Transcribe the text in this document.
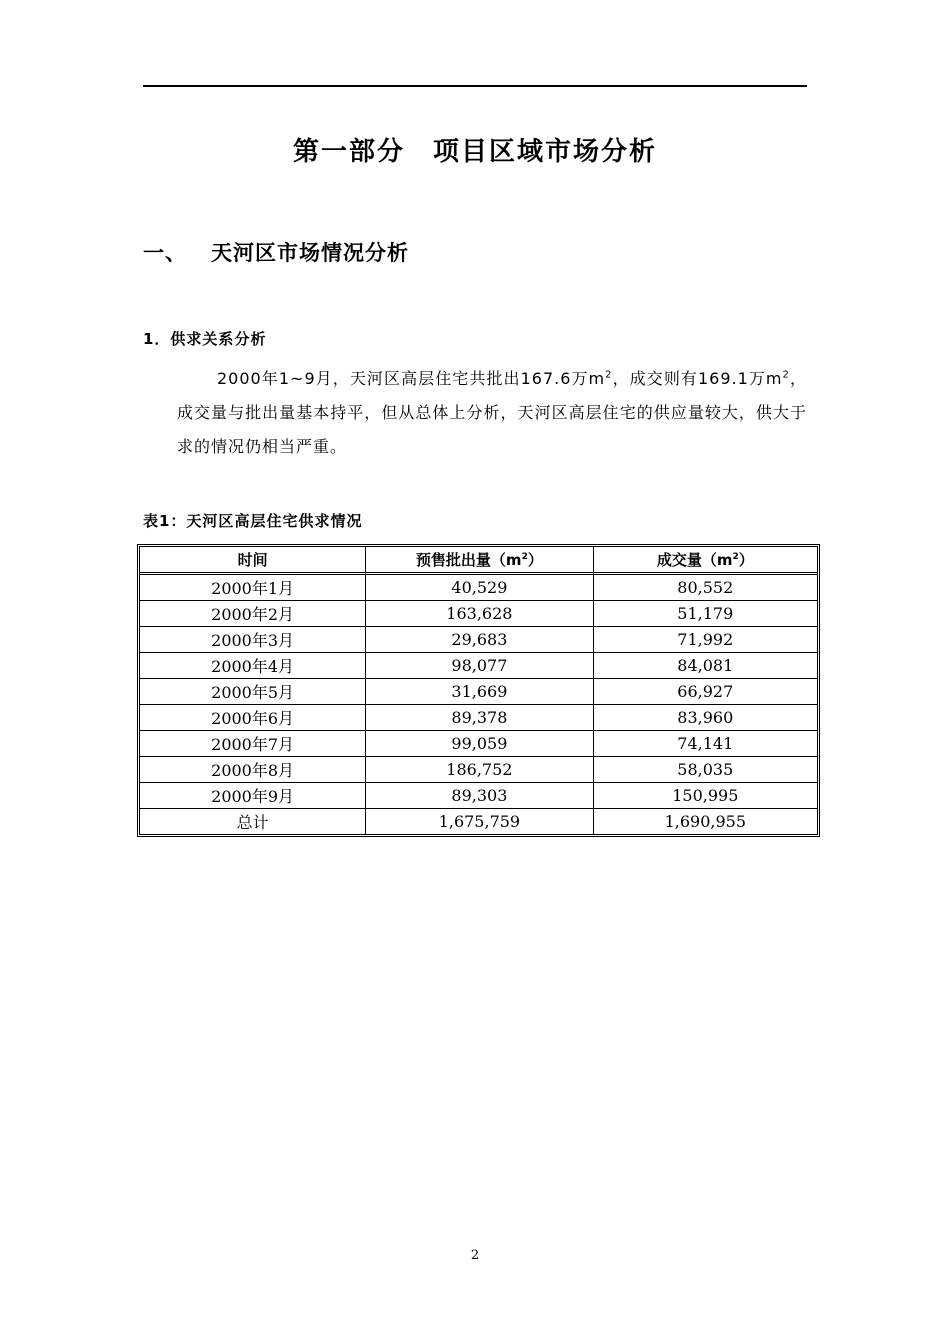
第一部分　项目区域市场分析
一、 天河区市场情况分析
1．供求关系分析
2000年1~9月，天河区高层住宅共批出167.6万$m^2$，成交则有169.1万$m^2$，成交量与批出量基本持平，但从总体上分析，天河区高层住宅的供应量较大，供大于求的情况仍相当严重。
表1：天河区高层住宅供求情况
时间	预售批出量$(m^2)$	成交量$(m^2)$
2000年1月	40,529	80,552
2000年2月	163,628	51,179
2000年3月	29,683	71,992
2000年4月	98,077	84,081
2000年5月	31,669	66,927
2000年6月	89,378	83,960
2000年7月	99,059	74,141
2000年8月	186,752	58,035
2000年9月	89,303	150,995
总计	1,675,759	1,690,955
2
